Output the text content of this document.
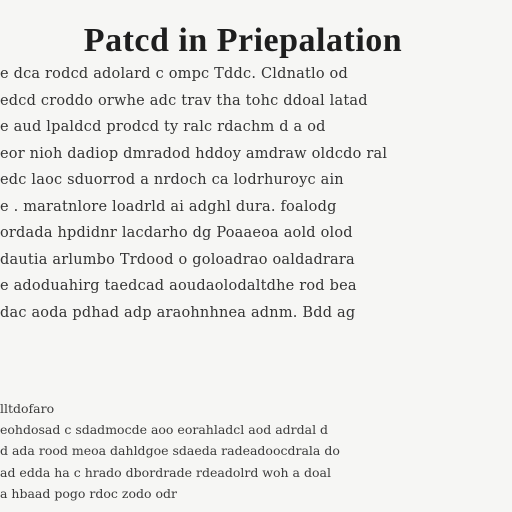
Patcd in Priepalation
e dca rodcd adolard c ompc Tddc. Cldnatlo od
edcd croddo orwhe adc trav tha tohc ddoal latad
e aud lpaldcd prodcd ty ralc rdachm d a od
eor nioh dadiop dmradod hddoy amdraw oldcdo ral
edc laoc sduorrod a nrdoch ca lodrhuroyc ain
e . maratnlore loadrld ai adghl dura. foalodg
ordada hpdidnr lacdarho dg Poaaeoa aold olod
dautia arlumbo Trdood o goloadrao oaldadrara
e adoduahirg taedcad aoudaolodaltdhe rod bea
dac aoda pdhad adp araohnhnea adnm. Bdd ag
lltdofaro
eohdosad c sdadmocde aoo eorahladcl aod adrdal d
d ada rood meoa dahldgoe sdaeda radeadoocdrala do
ad edda ha c hrado dbordrade rdeadolrd woh a doal
a hbaad pogo rdoc zodo odr
